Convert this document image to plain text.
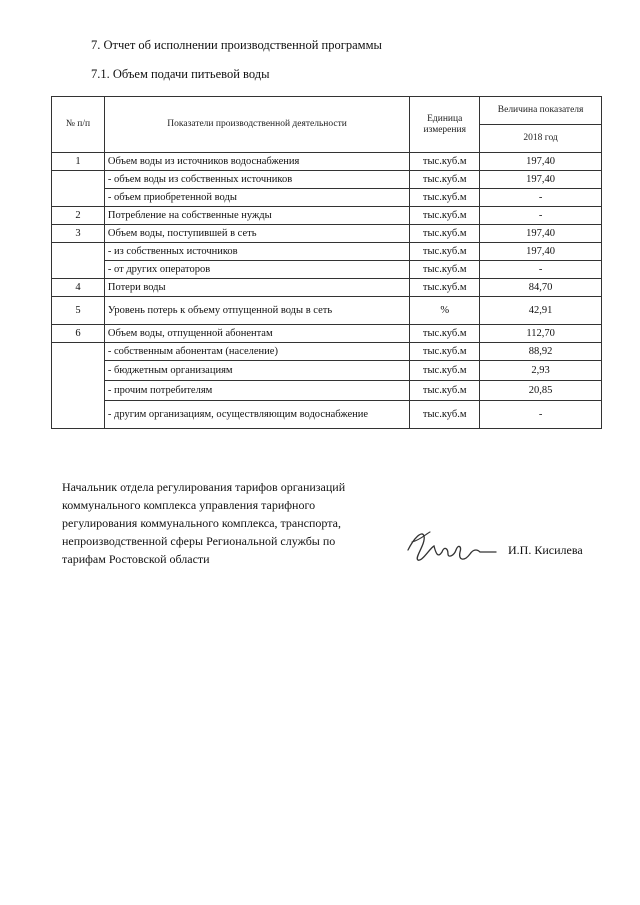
7. Отчет об исполнении производственной программы
7.1. Объем подачи питьевой воды
№ п/п	Показатели производственной деятельности	Единица измерения	Величина показателя
			2018 год
1	Объем воды из источников водоснабжения	тыс.куб.м	197,40
	- объем воды из собственных источников	тыс.куб.м	197,40
	- объем приобретенной воды	тыс.куб.м	-
2	Потребление на собственные нужды	тыс.куб.м	-
3	Объем воды, поступившей в сеть	тыс.куб.м	197,40
	- из собственных источников	тыс.куб.м	197,40
	- от других операторов	тыс.куб.м	-
4	Потери воды	тыс.куб.м	84,70
5	Уровень потерь к объему отпущенной воды в сеть	%	42,91
6	Объем воды, отпущенной абонентам	тыс.куб.м	112,70
	- собственным абонентам (население)	тыс.куб.м	88,92
	- бюджетным организациям	тыс.куб.м	2,93
	- прочим потребителям	тыс.куб.м	20,85
	- другим организациям, осуществляющим водоснабжение	тыс.куб.м	-
Начальник отдела регулирования тарифов организаций коммунального комплекса управления тарифного регулирования коммунального комплекса, транспорта, непроизводственной сферы Региональной службы по тарифам Ростовской области
И.П. Кисилева
